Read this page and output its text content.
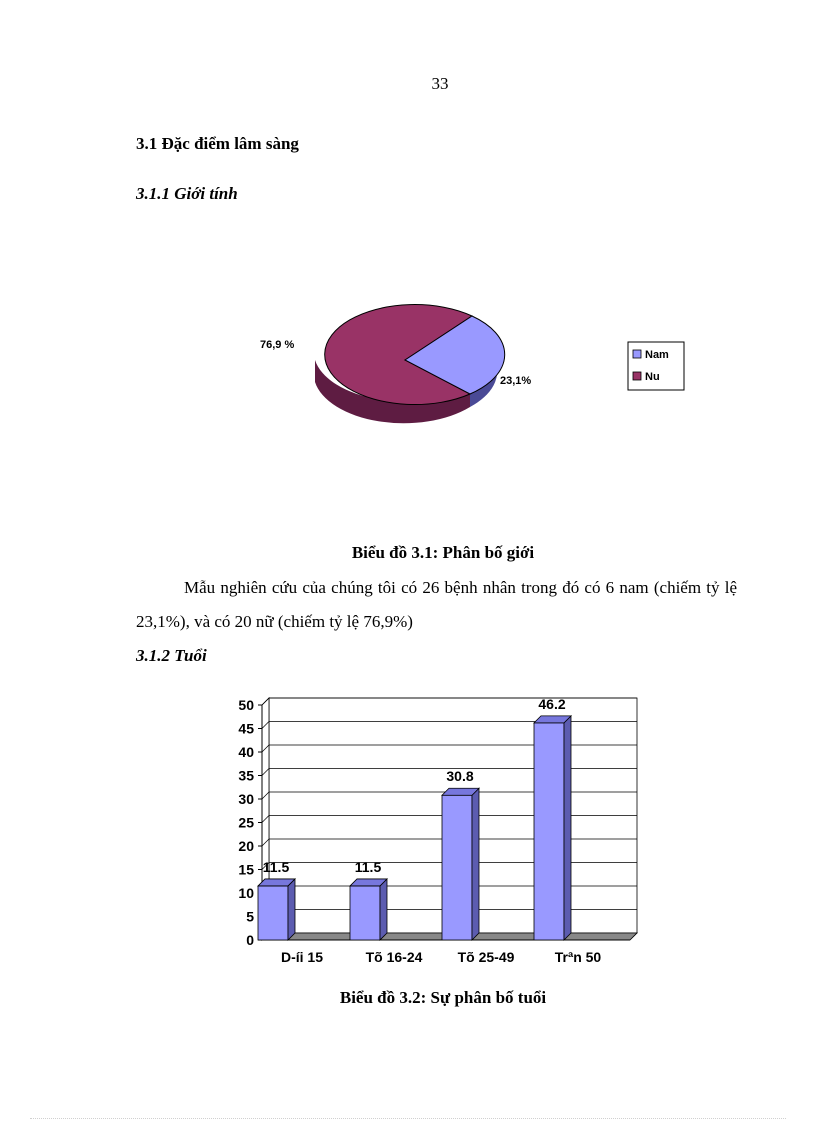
33
3.1 Đặc điểm lâm sàng
3.1.1 Giới tính
76,9 %
23,1%
Nam
Nu
Biểu đồ 3.1: Phân bố giới
Mẫu nghiên cứu của chúng tôi có 26 bệnh nhân trong đó có 6 nam (chiếm tỷ lệ 23,1%), và có 20 nữ (chiếm tỷ lệ 76,9%)
3.1.2 Tuổi
0
5
10
15
20
25
30
35
40
45
50
11.5	11.5
30.8
46.2
D-íi 15	Tõ 16-24	Tõ 25-49	Trªn 50
Biểu đồ 3.2: Sự phân bố tuổi
